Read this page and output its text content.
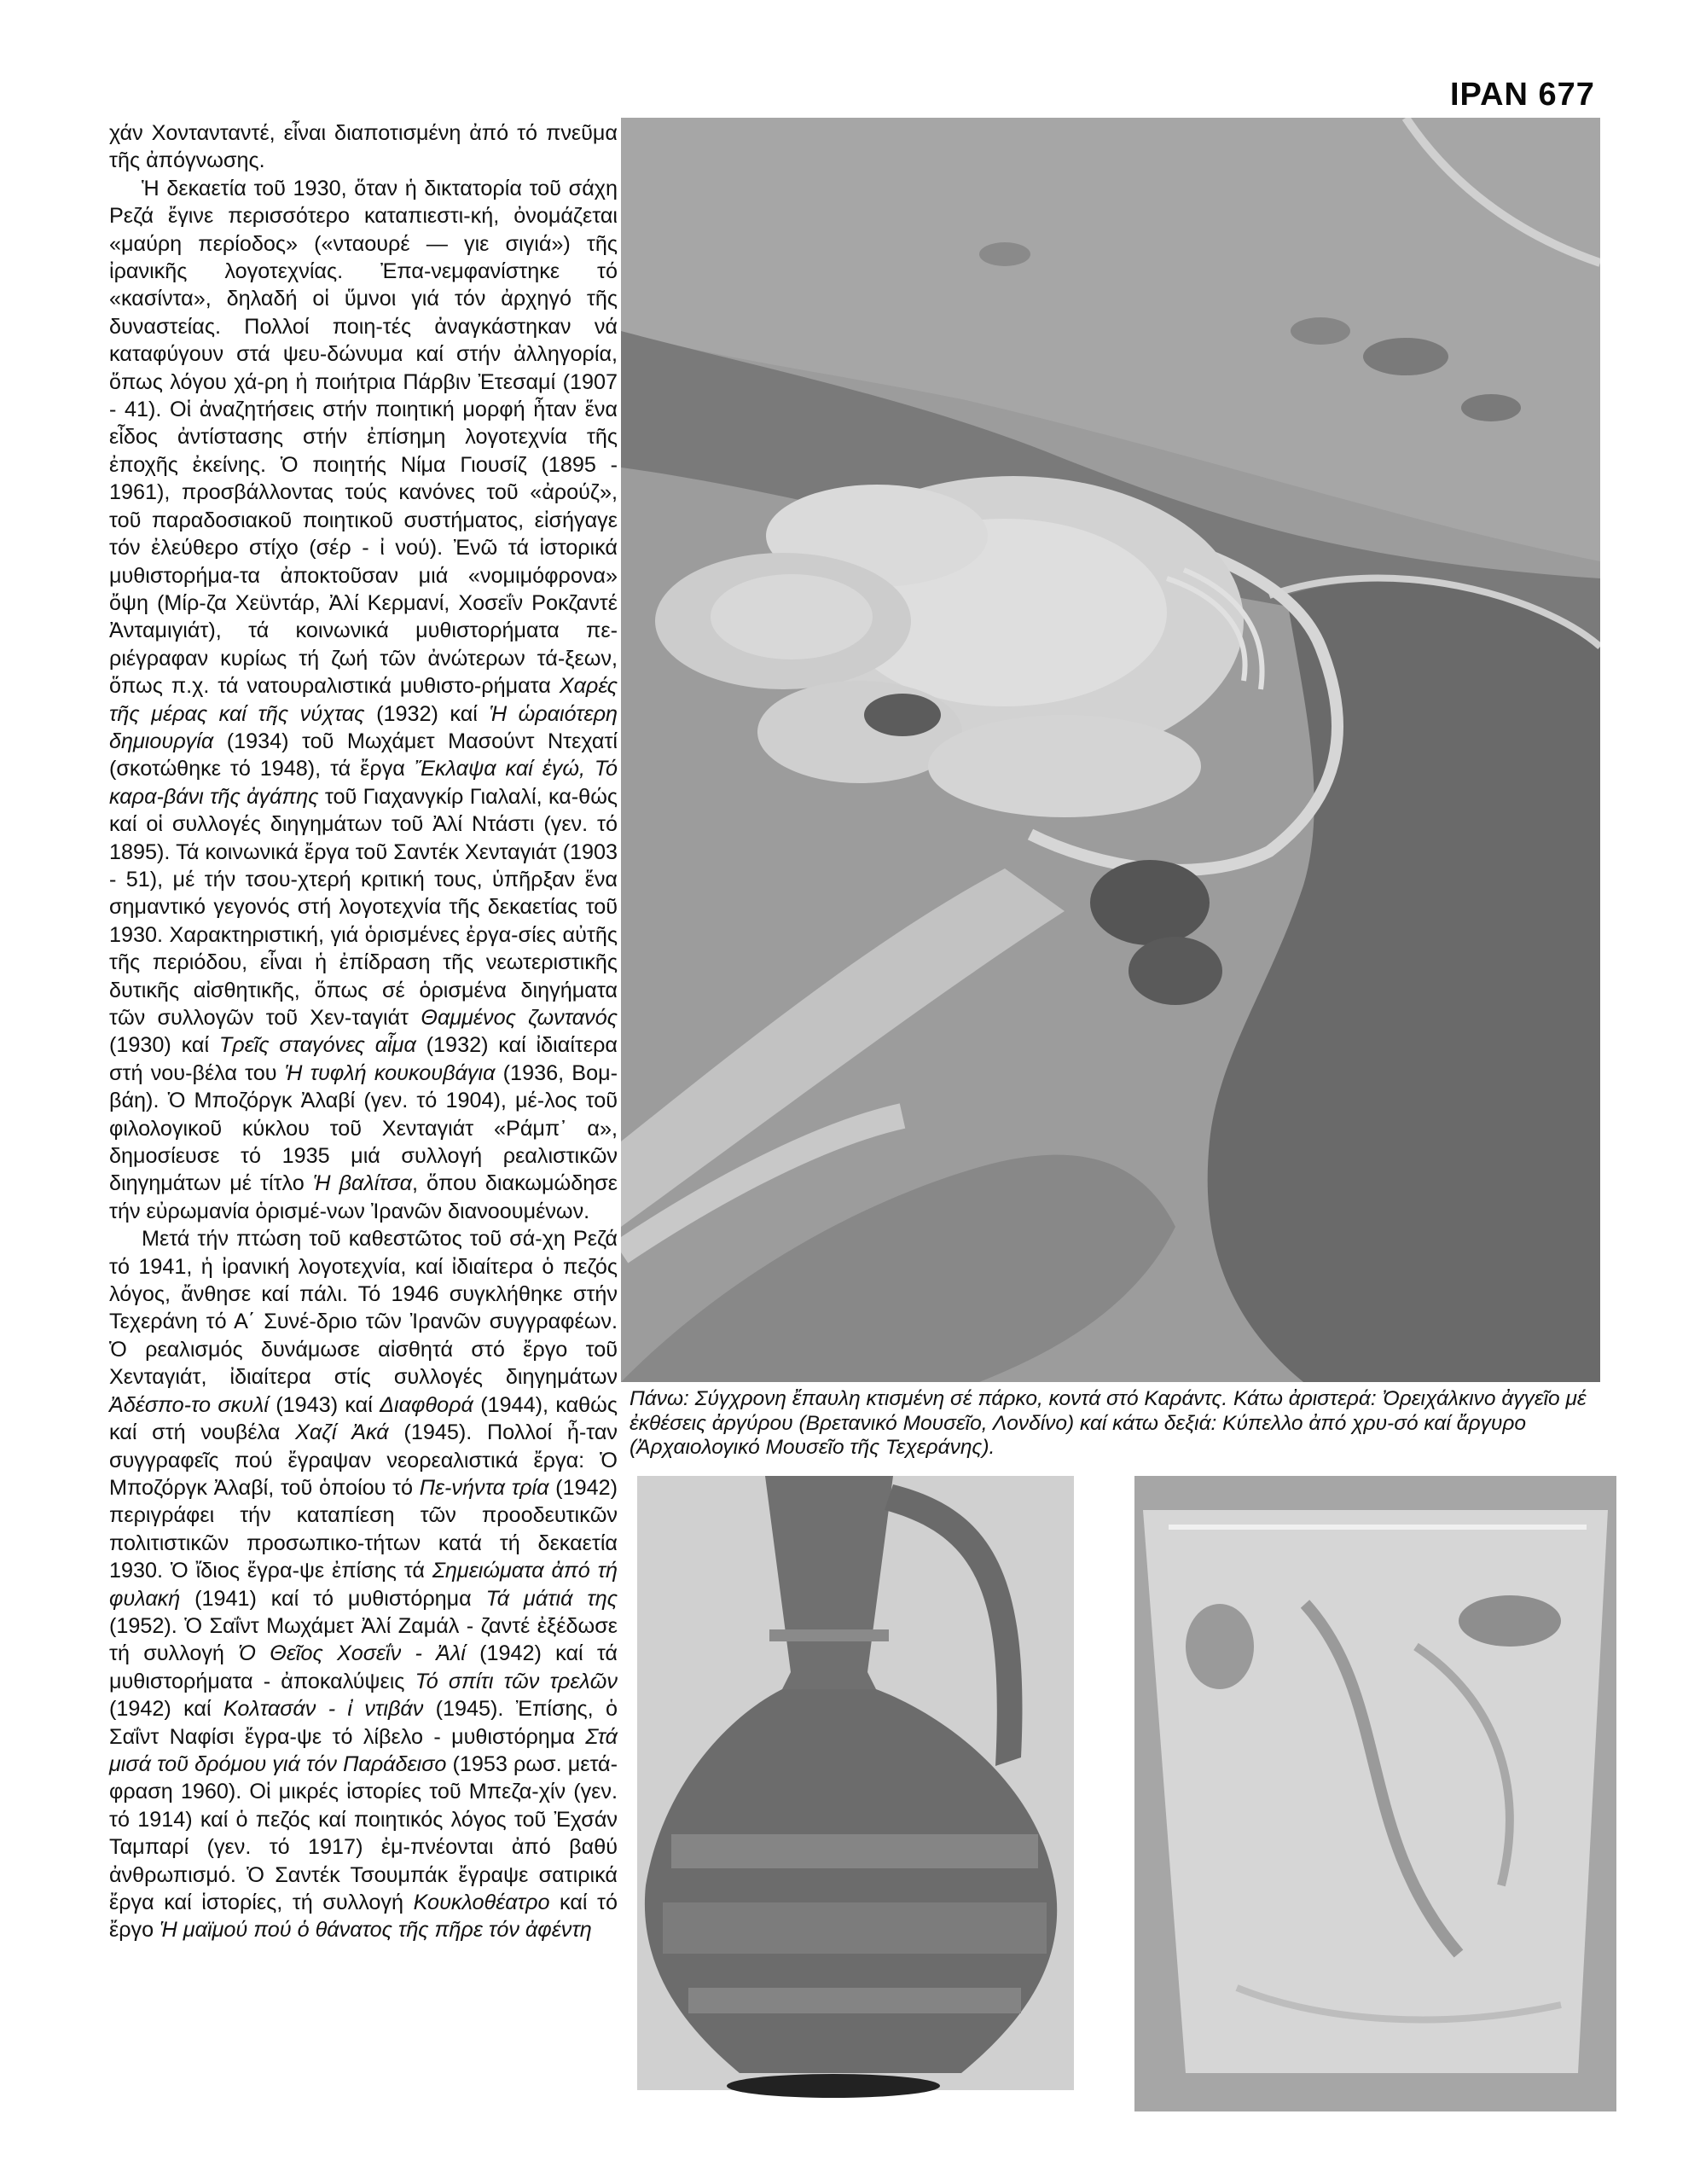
IPAN 677

χάν Χοντανταντέ, εἶναι διαποτισμένη ἀπό τό πνεῦμα τῆς ἀπόγνωσης.

Ἡ δεκαετία τοῦ 1930, ὅταν ἡ δικτατορία τοῦ σάχη Ρεζά ἔγινε περισσότερο καταπιεστι-κή, ὀνομάζεται «μαύρη περίοδος» («νταουρέ — γιε σιγιά») τῆς ἰρανικῆς λογοτεχνίας. Ἐπα-νεμφανίστηκε τό «κασίντα», δηλαδή οἱ ὕμνοι γιά τόν ἀρχηγό τῆς δυναστείας. Πολλοί ποιη-τές ἀναγκάστηκαν νά καταφύγουν στά ψευ-δώνυμα καί στήν ἀλληγορία, ὅπως λόγου χά-ρη ἡ ποιήτρια Πάρβιν Ἐτεσαμί (1907 - 41). Οἱ ἀναζητήσεις στήν ποιητική μορφή ἦταν ἕνα εἶδος ἀντίστασης στήν ἐπίσημη λογοτεχνία τῆς ἐποχῆς ἐκείνης. Ὁ ποιητής Νίμα Γιουσίζ (1895 - 1961), προσβάλλοντας τούς κανόνες τοῦ «ἀρούζ», τοῦ παραδοσιακοῦ ποιητικοῦ συστήματος, εἰσήγαγε τόν ἐλεύθερο στίχο (σέρ - ἰ νού). Ἐνῶ τά ἱστορικά μυθιστορήμα-τα ἀποκτοῦσαν μιά «νομιμόφρονα» ὄψη (Μίρ-ζα Χεϋντάρ, Ἀλί Κερμανί, Χοσεΐν Ροκζαντέ Ἀνταμιγιάτ), τά κοινωνικά μυθιστορήματα πε-ριέγραφαν κυρίως τή ζωή τῶν ἀνώτερων τά-ξεων, ὅπως π.χ. τά νατουραλιστικά μυθιστο-ρήματα Χαρές τῆς μέρας καί τῆς νύχτας (1932) καί Ἡ ὡραιότερη δημιουργία (1934) τοῦ Μωχάμετ Μασούντ Ντεχατί (σκοτώθηκε τό 1948), τά ἔργα Ἔκλαψα καί ἐγώ, Τό καρα-βάνι τῆς ἀγάπης τοῦ Γιαχανγκίρ Γιαλαλί, κα-θώς καί οἱ συλλογές διηγημάτων τοῦ Ἀλί Ντάστι (γεν. τό 1895). Τά κοινωνικά ἔργα τοῦ Σαντέκ Χενταγιάτ (1903 - 51), μέ τήν τσου-χτερή κριτική τους, ὑπῆρξαν ἕνα σημαντικό γεγονός στή λογοτεχνία τῆς δεκαετίας τοῦ 1930. Χαρακτηριστική, γιά ὁρισμένες ἐργα-σίες αὐτῆς τῆς περιόδου, εἶναι ἡ ἐπίδραση τῆς νεωτεριστικῆς δυτικῆς αἰσθητικῆς, ὅπως σέ ὁρισμένα διηγήματα τῶν συλλογῶν τοῦ Χεν-ταγιάτ Θαμμένος ζωντανός (1930) καί Τρεῖς σταγόνες αἷμα (1932) καί ἰδιαίτερα στή νου-βέλα του Ἡ τυφλή κουκουβάγια (1936, Βομ-βάη). Ὁ Μποζόργκ Ἀλαβί (γεν. τό 1904), μέ-λος τοῦ φιλολογικοῦ κύκλου τοῦ Χενταγιάτ «Ράμπ᾽ α», δημοσίευσε τό 1935 μιά συλλογή ρεαλιστικῶν διηγημάτων μέ τίτλο Ἡ βαλίτσα, ὅπου διακωμώδησε τήν εὐρωμανία ὁρισμέ-νων Ἰρανῶν διανοουμένων.

Μετά τήν πτώση τοῦ καθεστῶτος τοῦ σά-χη Ρεζά τό 1941, ἡ ἰρανική λογοτεχνία, καί ἰδιαίτερα ὁ πεζός λόγος, ἄνθησε καί πάλι. Τό 1946 συγκλήθηκε στήν Τεχεράνη τό Α΄ Συνέ-δριο τῶν Ἰρανῶν συγγραφέων. Ὁ ρεαλισμός δυνάμωσε αἰσθητά στό ἔργο τοῦ Χενταγιάτ, ἰδιαίτερα στίς συλλογές διηγημάτων Ἀδέσπο-το σκυλί (1943) καί Διαφθορά (1944), καθώς καί στή νουβέλα Χαζί Ἀκά (1945). Πολλοί ἦ-ταν συγγραφεῖς πού ἔγραψαν νεορεαλιστικά ἔργα: Ὁ Μποζόργκ Ἀλαβί, τοῦ ὁποίου τό Πε-νήντα τρία (1942) περιγράφει τήν καταπίεση τῶν προοδευτικῶν πολιτιστικῶν προσωπικο-τήτων κατά τή δεκαετία 1930. Ὁ ἴδιος ἔγρα-ψε ἐπίσης τά Σημειώματα ἀπό τή φυλακή (1941) καί τό μυθιστόρημα Τά μάτιά της (1952). Ὁ Σαΐντ Μωχάμετ Ἀλί Ζαμάλ - ζαντέ ἐξέδωσε τή συλλογή Ὁ Θεῖος Χοσεΐν - Ἀλί (1942) καί τά μυθιστορήματα - ἀποκαλύψεις Τό σπίτι τῶν τρελῶν (1942) καί Κολτασάν - ἰ ντιβάν (1945). Ἐπίσης, ὁ Σαΐντ Ναφίσι ἔγρα-ψε τό λίβελο - μυθιστόρημα Στά μισά τοῦ δρόμου γιά τόν Παράδεισο (1953 ρωσ. μετά-φραση 1960). Οἱ μικρές ἱστορίες τοῦ Μπεζα-χίν (γεν. τό 1914) καί ὁ πεζός καί ποιητικός λόγος τοῦ Ἐχσάν Ταμπαρί (γεν. τό 1917) ἐμ-πνέονται ἀπό βαθύ ἀνθρωπισμό. Ὁ Σαντέκ Τσουμπάκ ἔγραψε σατιρικά ἔργα καί ἱστορίες, τή συλλογή Κουκλοθέατρο καί τό ἔργο Ἡ μαϊμού πού ὁ θάνατος τῆς πῆρε τόν ἀφέντη

Πάνω: Σύγχρονη ἔπαυλη κτισμένη σέ πάρκο, κοντά στό Καράντς. Κάτω ἀριστερά: Ὀρειχάλκινο ἀγγεῖο μέ ἐκθέσεις ἀργύρου (Βρετανικό Μουσεῖο, Λονδίνο) καί κάτω δεξιά: Κύπελλο ἀπό χρυ-σό καί ἄργυρο (Ἀρχαιολογικό Μουσεῖο τῆς Τεχεράνης).
